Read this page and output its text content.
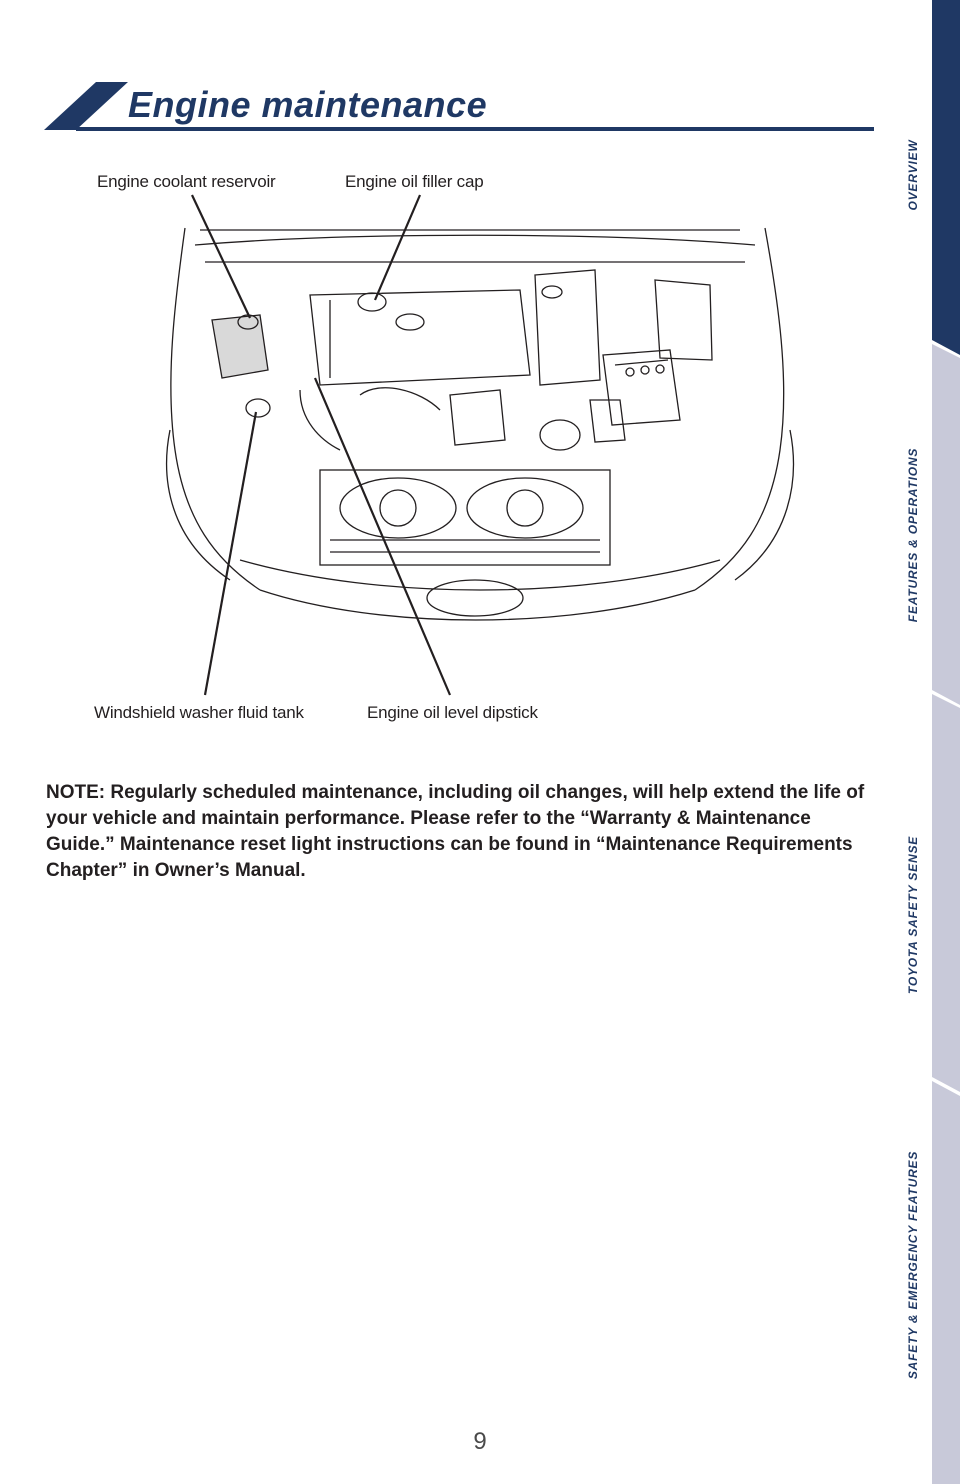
Engine maintenance
Engine coolant reservoir	Engine oil filler cap
Windshield washer fluid tank	Engine oil level dipstick

NOTE: Regularly scheduled maintenance, including oil changes, will help extend the life of your vehicle and maintain performance. Please refer to the “Warranty & Maintenance Guide.” Maintenance reset light instructions can be found in “Maintenance Requirements Chapter” in Owner’s Manual.

9
OVERVIEW
FEATURES & OPERATIONS
TOYOTA SAFETY SENSE
SAFETY & EMERGENCY FEATURES
